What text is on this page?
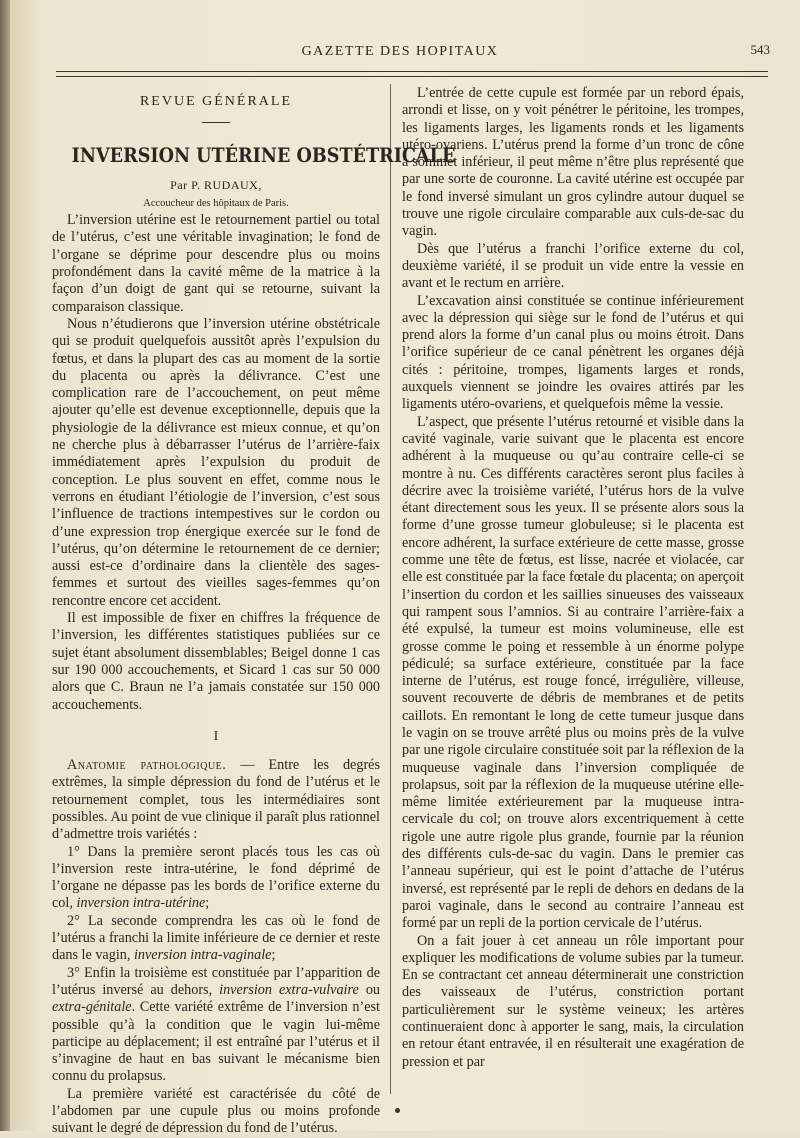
GAZETTE DES HOPITAUX	543
REVUE GÉNÉRALE
INVERSION UTÉRINE OBSTÉTRICALE
Par P. RUDAUX,
Accoucheur des hôpitaux de Paris.

L’inversion utérine est le retournement partiel ou total de l’utérus, c’est une véritable invagination; le fond de l’organe se déprime pour descendre plus ou moins profondément dans la cavité même de la matrice à la façon d’un doigt de gant qui se retourne, suivant la comparaison classique.

Nous n’étudierons que l’inversion utérine obstétricale qui se produit quelquefois aussitôt après l’expulsion du fœtus, et dans la plupart des cas au moment de la sortie du placenta ou après la délivrance. C’est une complication rare de l’accouchement, on peut même ajouter qu’elle est devenue exceptionnelle, depuis que la physiologie de la délivrance est mieux connue, et qu’on ne cherche plus à débarrasser l’utérus de l’arrière-faix immédiatement après l’expulsion du produit de conception. Le plus souvent en effet, comme nous le verrons en étudiant l’étiologie de l’inversion, c’est sous l’influence de tractions intempestives sur le cordon ou d’une expression trop énergique exercée sur le fond de l’utérus, qu’on détermine le retournement de ce dernier; aussi est-ce d’ordinaire dans la clientèle des sages-femmes et surtout des vieilles sages-femmes qu’on rencontre encore cet accident.

Il est impossible de fixer en chiffres la fréquence de l’inversion, les différentes statistiques publiées sur ce sujet étant absolument dissemblables; Beigel donne 1 cas sur 190 000 accouchements, et Sicard 1 cas sur 50 000 alors que C. Braun ne l’a jamais constatée sur 150 000 accouchements.

I

Anatomie pathologique. — Entre les degrés extrêmes, la simple dépression du fond de l’utérus et le retournement complet, tous les intermédiaires sont possibles. Au point de vue clinique il paraît plus rationnel d’admettre trois variétés :

1° Dans la première seront placés tous les cas où l’inversion reste intra-utérine, le fond déprimé de l’organe ne dépasse pas les bords de l’orifice externe du col, inversion intra-utérine;

2° La seconde comprendra les cas où le fond de l’utérus a franchi la limite inférieure de ce dernier et reste dans le vagin, inversion intra-vaginale;

3° Enfin la troisième est constituée par l’apparition de l’utérus inversé au dehors, inversion extra-vulvaire ou extra-génitale. Cette variété extrême de l’inversion n’est possible qu’à la condition que le vagin lui-même participe au déplacement; il est entraîné par l’utérus et il s’invagine de haut en bas suivant le mécanisme bien connu du prolapsus.

La première variété est caractérisée du côté de l’abdomen par une cupule plus ou moins profonde suivant le degré de dépression du fond de l’utérus.

L’entrée de cette cupule est formée par un rebord épais, arrondi et lisse, on y voit pénétrer le péritoine, les trompes, les ligaments larges, les ligaments ronds et les ligaments utéro-ovariens. L’utérus prend la forme d’un tronc de cône à sommet inférieur, il peut même n’être plus représenté que par une sorte de couronne. La cavité utérine est occupée par le fond inversé simulant un gros cylindre autour duquel se trouve une rigole circulaire comparable aux culs-de-sac du vagin.

Dès que l’utérus a franchi l’orifice externe du col, deuxième variété, il se produit un vide entre la vessie en avant et le rectum en arrière.

L’excavation ainsi constituée se continue inférieurement avec la dépression qui siège sur le fond de l’utérus et qui prend alors la forme d’un canal plus ou moins étroit. Dans l’orifice supérieur de ce canal pénètrent les organes déjà cités : péritoine, trompes, ligaments larges et ronds, auxquels viennent se joindre les ovaires attirés par les ligaments utéro-ovariens, et quelquefois même la vessie.

L’aspect, que présente l’utérus retourné et visible dans la cavité vaginale, varie suivant que le placenta est encore adhérent à la muqueuse ou qu’au contraire celle-ci se montre à nu. Ces différents caractères seront plus faciles à décrire avec la troisième variété, l’utérus hors de la vulve étant directement sous les yeux. Il se présente alors sous la forme d’une grosse tumeur globuleuse; si le placenta est encore adhérent, la surface extérieure de cette masse, grosse comme une tête de fœtus, est lisse, nacrée et violacée, car elle est constituée par la face fœtale du placenta; on aperçoit l’insertion du cordon et les saillies sinueuses des vaisseaux qui rampent sous l’amnios. Si au contraire l’arrière-faix a été expulsé, la tumeur est moins volumineuse, elle est grosse comme le poing et ressemble à un énorme polype pédiculé; sa surface extérieure, constituée par la face interne de l’utérus, est rouge foncé, irrégulière, villeuse, souvent recouverte de débris de membranes et de petits caillots. En remontant le long de cette tumeur jusque dans le vagin on se trouve arrêté plus ou moins près de la vulve par une rigole circulaire constituée soit par la réflexion de la muqueuse vaginale dans l’inversion compliquée de prolapsus, soit par la réflexion de la muqueuse utérine elle-même limitée extérieurement par la muqueuse intra-cervicale du col; on trouve alors excentriquement à cette rigole une autre rigole plus grande, fournie par la réunion des différents culs-de-sac du vagin. Dans le premier cas l’anneau supérieur, qui est le point d’attache de l’utérus inversé, est représenté par le repli de dehors en dedans de la paroi vaginale, dans le second au contraire l’anneau est formé par un repli de la portion cervicale de l’utérus.

On a fait jouer à cet anneau un rôle important pour expliquer les modifications de volume subies par la tumeur. En se contractant cet anneau déterminerait une constriction des vaisseaux de l’utérus, constriction portant particulièrement sur le système veineux; les artères continueraient donc à apporter le sang, mais, la circulation en retour étant entravée, il en résulterait une exagération de pression et par
